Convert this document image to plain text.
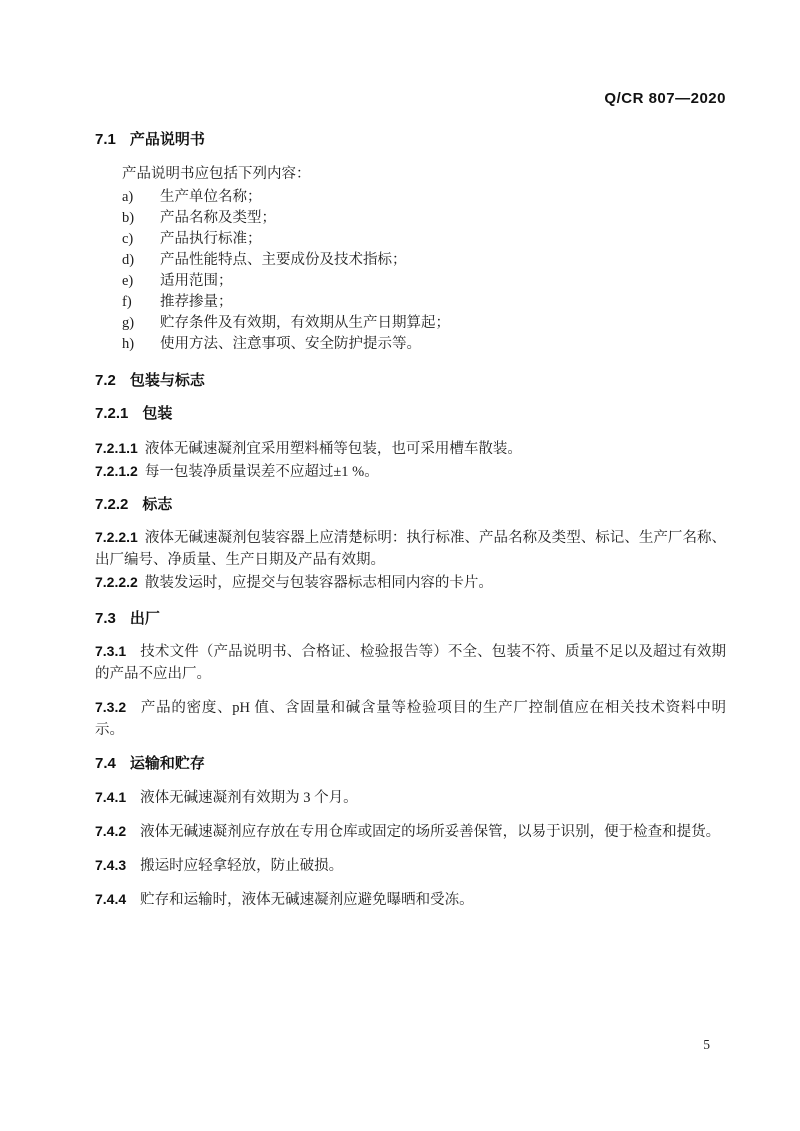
Q/CR 807—2020
7.1 产品说明书

产品说明书应包括下列内容：

a) 生产单位名称；
b) 产品名称及类型；
c) 产品执行标准；
d) 产品性能特点、主要成份及技术指标；
e) 适用范围；
f) 推荐掺量；
g) 贮存条件及有效期，有效期从生产日期算起；
h) 使用方法、注意事项、安全防护提示等。
7.2 包装与标志
7.2.1 包装

7.2.1.1 液体无碱速凝剂宜采用塑料桶等包装，也可采用槽车散装。

7.2.1.2 每一包装净质量误差不应超过±1 %。

7.2.2 标志

7.2.2.1 液体无碱速凝剂包装容器上应清楚标明：执行标准、产品名称及类型、标记、生产厂名称、出厂编号、净质量、生产日期及产品有效期。

7.2.2.2 散装发运时，应提交与包装容器标志相同内容的卡片。

7.3 出厂

7.3.1 技术文件（产品说明书、合格证、检验报告等）不全、包装不符、质量不足以及超过有效期的产品不应出厂。

7.3.2 产品的密度、pH 值、含固量和碱含量等检验项目的生产厂控制值应在相关技术资料中明示。

7.4 运输和贮存

7.4.1 液体无碱速凝剂有效期为 3 个月。

7.4.2 液体无碱速凝剂应存放在专用仓库或固定的场所妥善保管，以易于识别，便于检查和提货。

7.4.3 搬运时应轻拿轻放，防止破损。

7.4.4 贮存和运输时，液体无碱速凝剂应避免曝晒和受冻。

5
